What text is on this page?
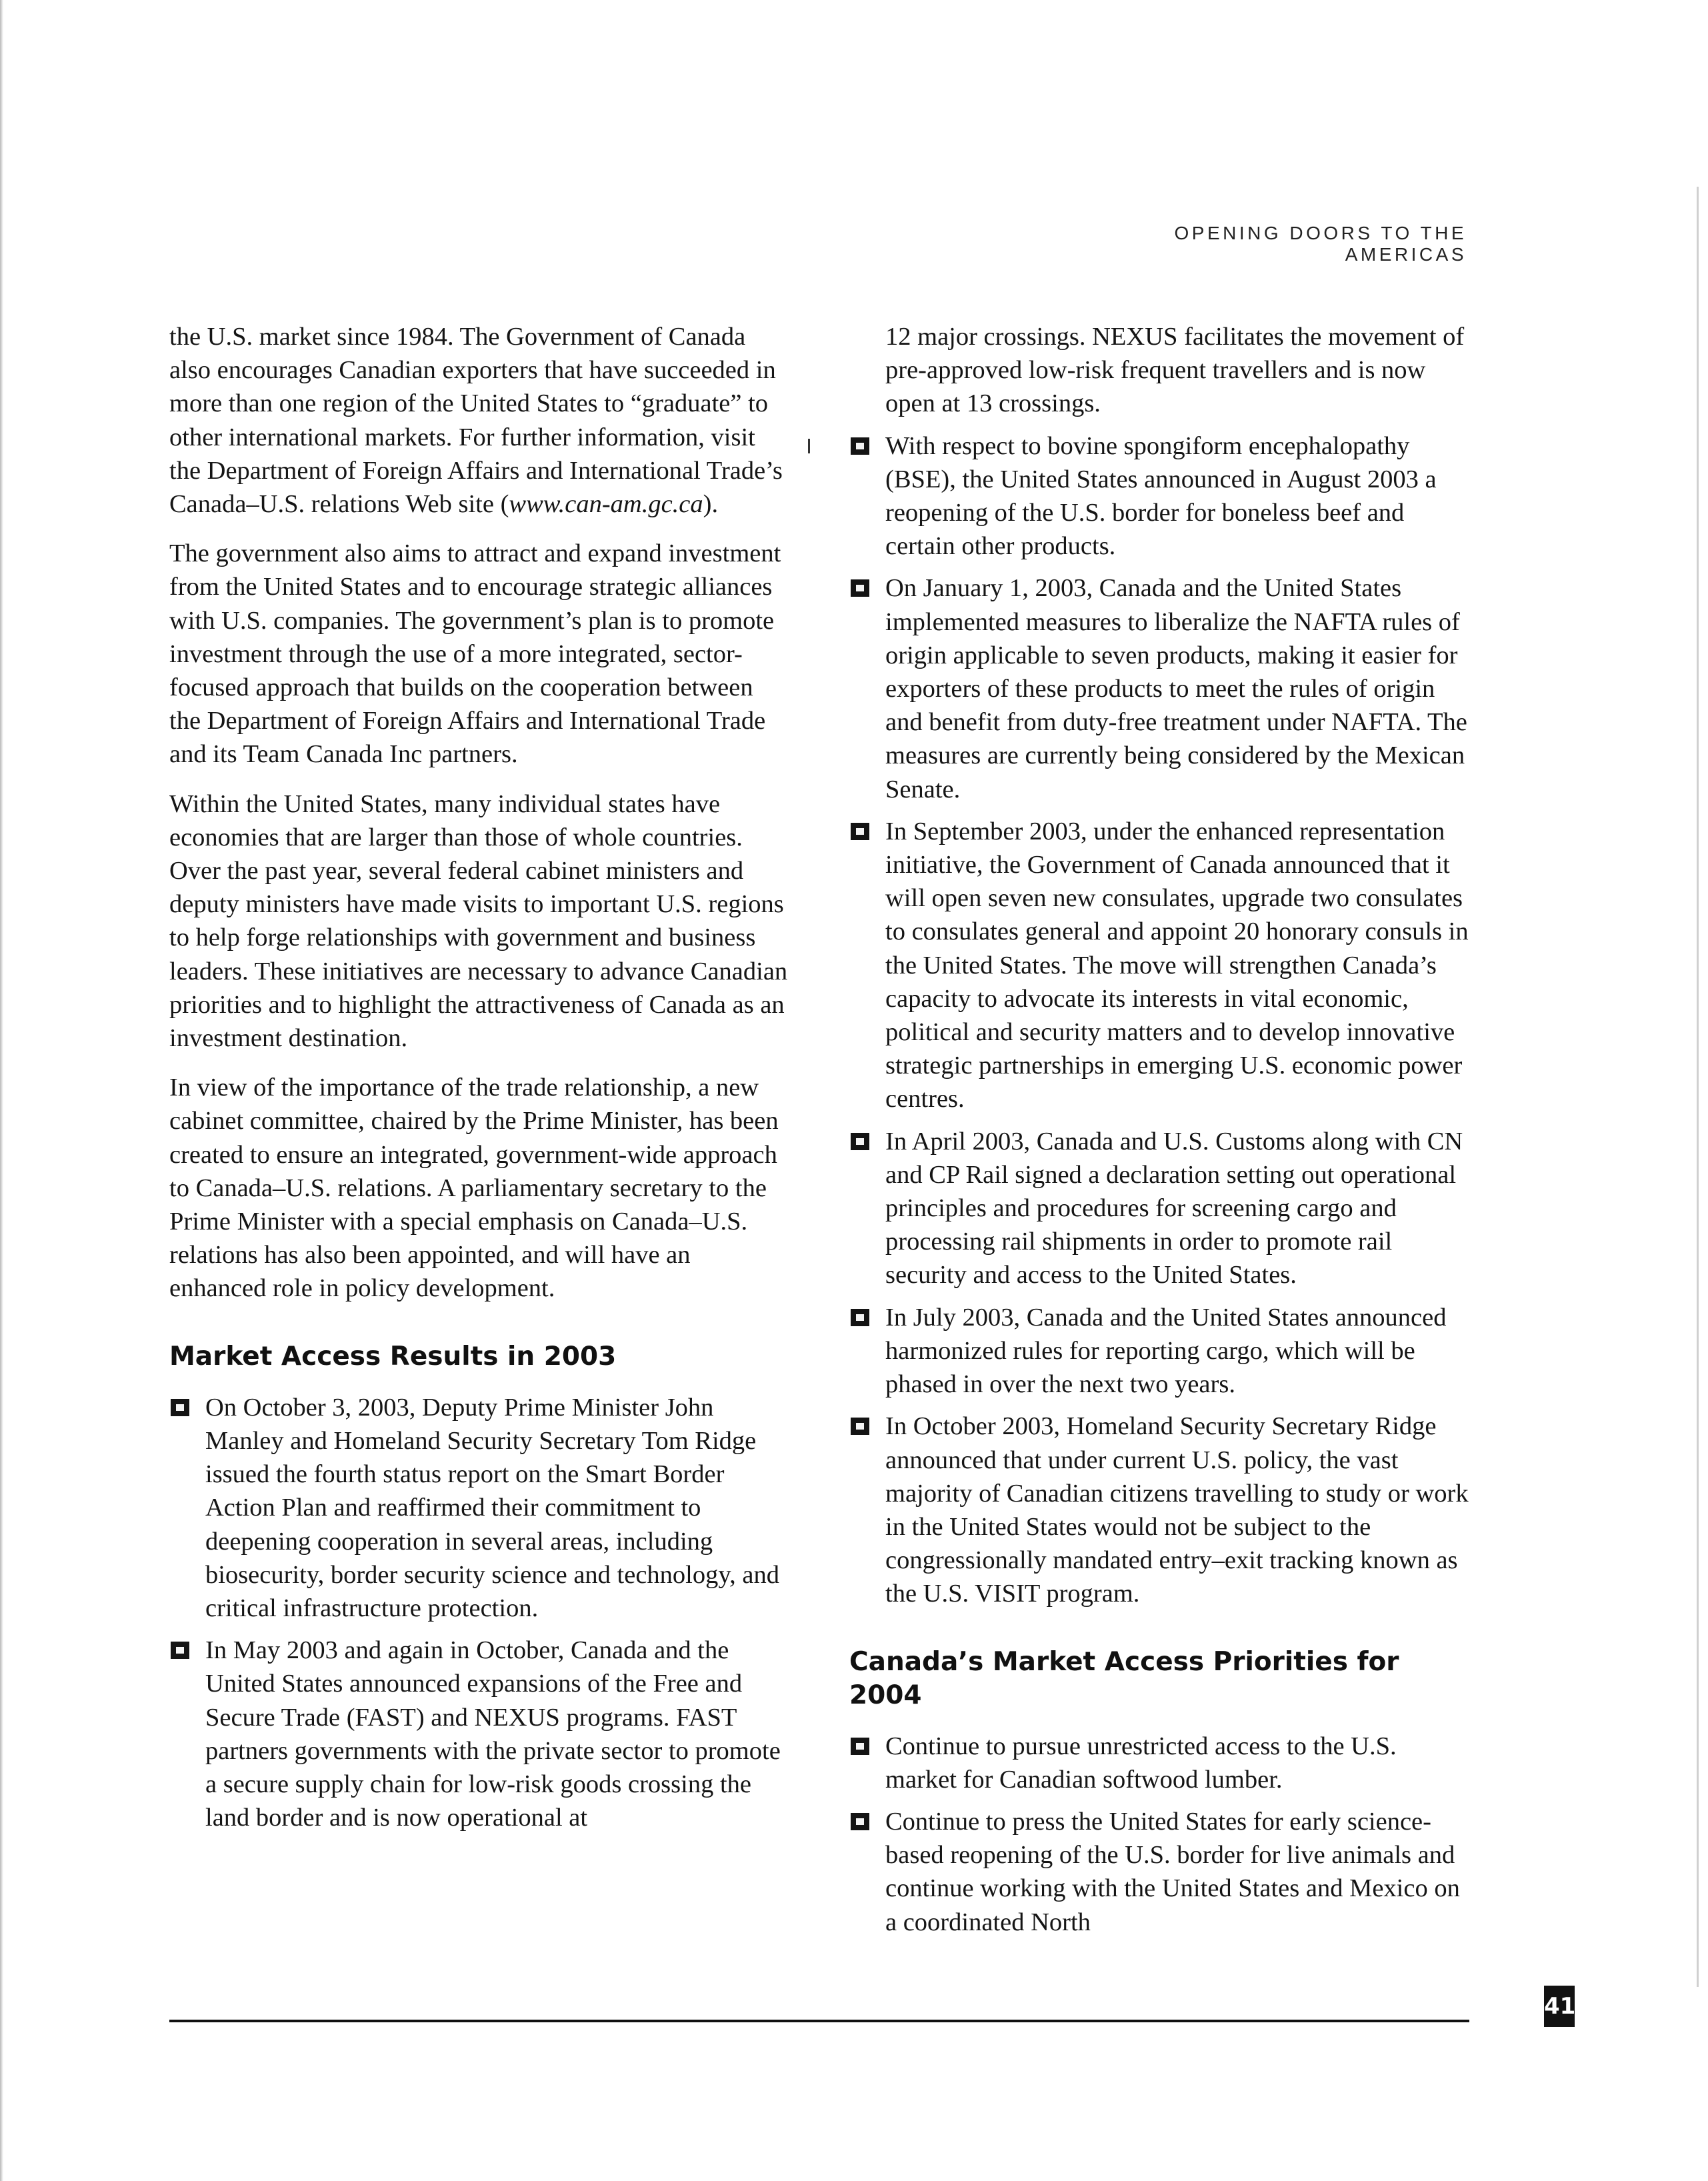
OPENING DOORS TO THE AMERICAS

the U.S. market since 1984. The Government of Canada also encourages Canadian exporters that have succeeded in more than one region of the United States to “graduate” to other international markets. For further information, visit the Department of Foreign Affairs and International Trade’s Canada–U.S. relations Web site (www.can-am.gc.ca).

The government also aims to attract and expand investment from the United States and to encourage strategic alliances with U.S. companies. The government’s plan is to promote investment through the use of a more integrated, sector-focused approach that builds on the cooperation between the Department of Foreign Affairs and International Trade and its Team Canada Inc partners.

Within the United States, many individual states have economies that are larger than those of whole countries. Over the past year, several federal cabinet ministers and deputy ministers have made visits to important U.S. regions to help forge relationships with government and business leaders. These initiatives are necessary to advance Canadian priorities and to highlight the attractiveness of Canada as an investment destination.

In view of the importance of the trade relationship, a new cabinet committee, chaired by the Prime Minister, has been created to ensure an integrated, government-wide approach to Canada–U.S. relations. A parliamentary secretary to the Prime Minister with a special emphasis on Canada–U.S. relations has also been appointed, and will have an enhanced role in policy development.

Market Access Results in 2003
On October 3, 2003, Deputy Prime Minister John Manley and Homeland Security Secretary Tom Ridge issued the fourth status report on the Smart Border Action Plan and reaffirmed their commitment to deepening cooperation in several areas, including biosecurity, border security science and technology, and critical infrastructure protection.
In May 2003 and again in October, Canada and the United States announced expansions of the Free and Secure Trade (FAST) and NEXUS programs. FAST partners governments with the private sector to promote a secure supply chain for low-risk goods crossing the land border and is now operational at
12 major crossings. NEXUS facilitates the movement of pre-approved low-risk frequent travellers and is now open at 13 crossings.
With respect to bovine spongiform encephalopathy (BSE), the United States announced in August 2003 a reopening of the U.S. border for boneless beef and certain other products.
On January 1, 2003, Canada and the United States implemented measures to liberalize the NAFTA rules of origin applicable to seven products, making it easier for exporters of these products to meet the rules of origin and benefit from duty-free treatment under NAFTA. The measures are currently being considered by the Mexican Senate.
In September 2003, under the enhanced representation initiative, the Government of Canada announced that it will open seven new consulates, upgrade two consulates to consulates general and appoint 20 honorary consuls in the United States. The move will strengthen Canada’s capacity to advocate its interests in vital economic, political and security matters and to develop innovative strategic partnerships in emerging U.S. economic power centres.
In April 2003, Canada and U.S. Customs along with CN and CP Rail signed a declaration setting out operational principles and procedures for screening cargo and processing rail shipments in order to promote rail security and access to the United States.
In July 2003, Canada and the United States announced harmonized rules for reporting cargo, which will be phased in over the next two years.
In October 2003, Homeland Security Secretary Ridge announced that under current U.S. policy, the vast majority of Canadian citizens travelling to study or work in the United States would not be subject to the congressionally mandated entry–exit tracking known as the U.S. VISIT program.
Canada’s Market Access Priorities for 2004
Continue to pursue unrestricted access to the U.S. market for Canadian softwood lumber.
Continue to press the United States for early science-based reopening of the U.S. border for live animals and continue working with the United States and Mexico on a coordinated North
41
